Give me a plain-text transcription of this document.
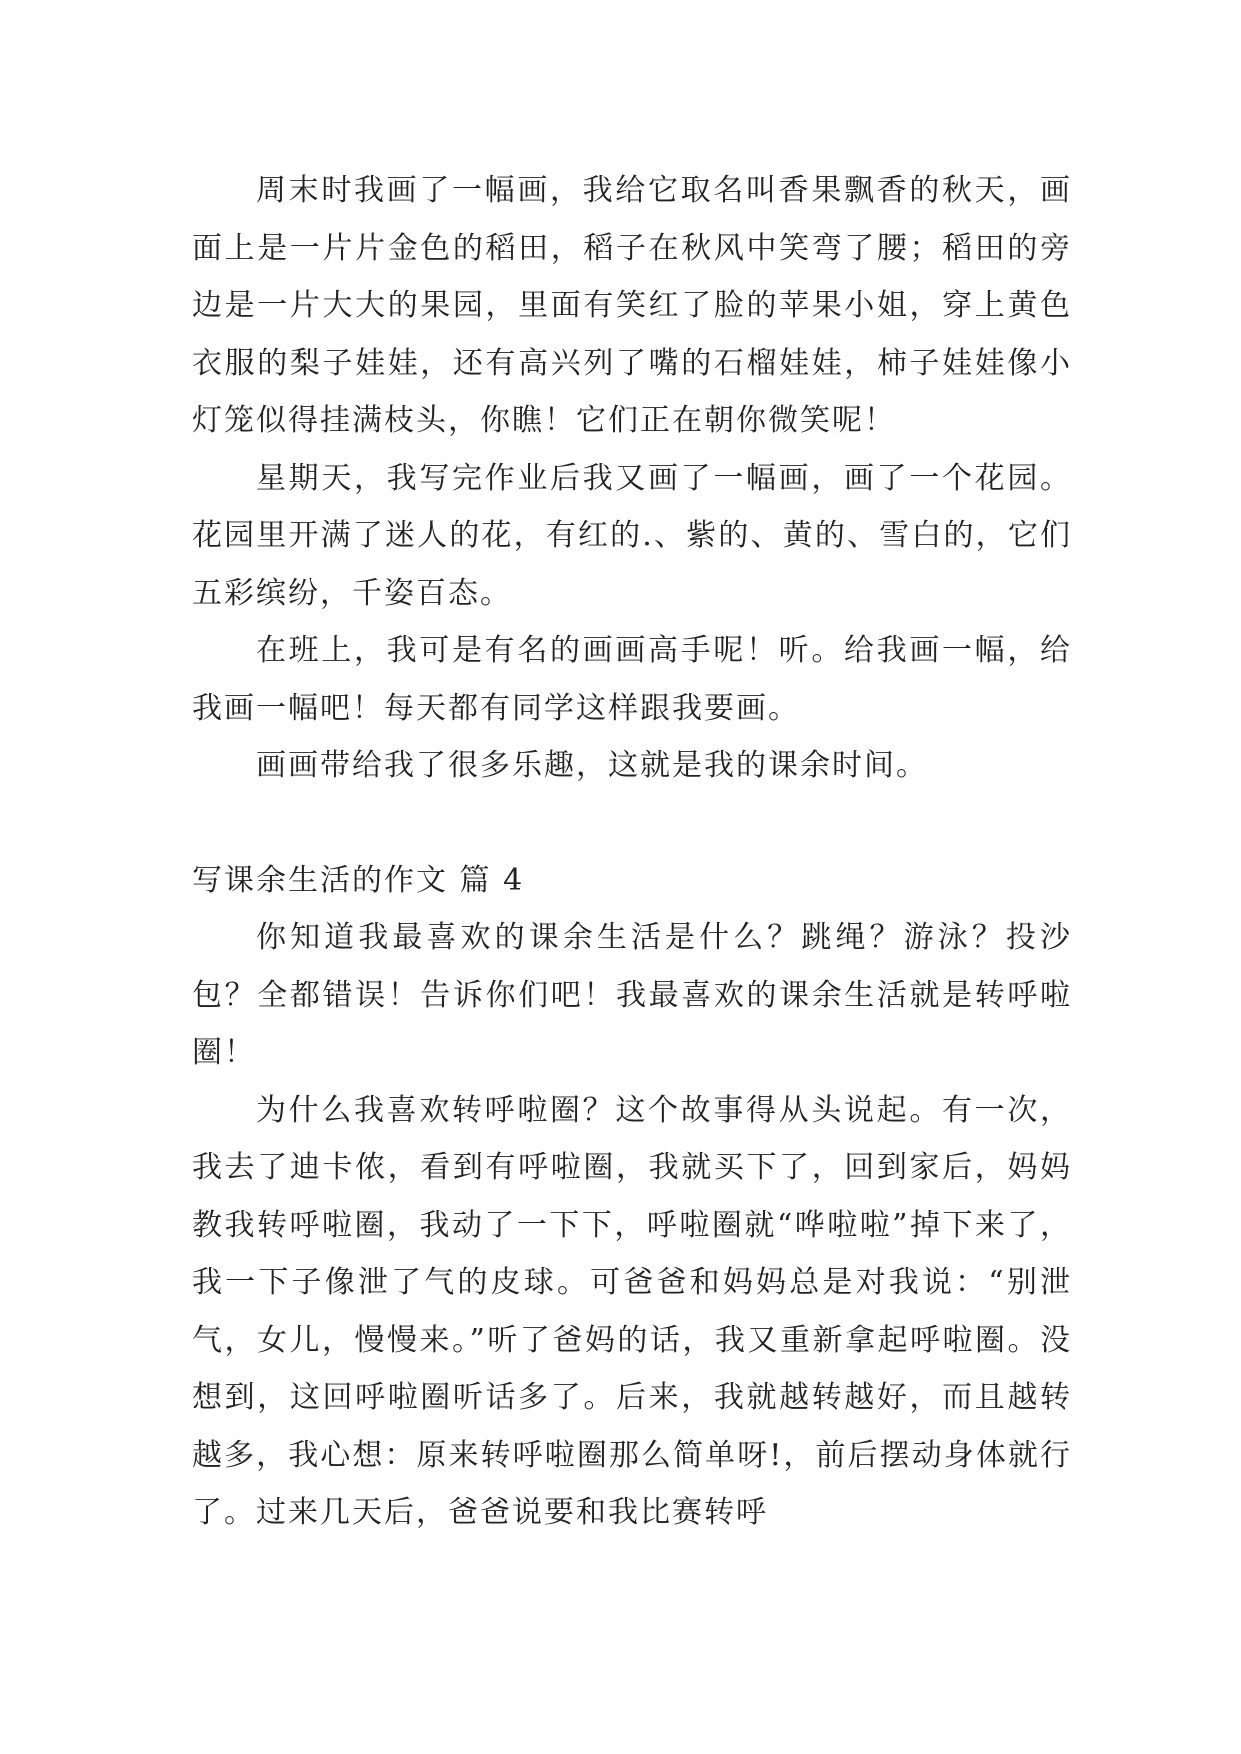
周末时我画了一幅画，我给它取名叫香果飘香的秋天，画面上是一片片金色的稻田，稻子在秋风中笑弯了腰；稻田的旁边是一片大大的果园，里面有笑红了脸的苹果小姐，穿上黄色衣服的梨子娃娃，还有高兴列了嘴的石榴娃娃，柿子娃娃像小灯笼似得挂满枝头，你瞧！它们正在朝你微笑呢！

星期天，我写完作业后我又画了一幅画，画了一个花园。花园里开满了迷人的花，有红的.、紫的、黄的、雪白的，它们五彩缤纷，千姿百态。

在班上，我可是有名的画画高手呢！听。给我画一幅，给我画一幅吧！每天都有同学这样跟我要画。

画画带给我了很多乐趣，这就是我的课余时间。

写课余生活的作文 篇 4

你知道我最喜欢的课余生活是什么？跳绳？游泳？投沙包？全都错误！告诉你们吧！我最喜欢的课余生活就是转呼啦圈！

为什么我喜欢转呼啦圈？这个故事得从头说起。有一次，我去了迪卡侬，看到有呼啦圈，我就买下了，回到家后，妈妈教我转呼啦圈，我动了一下下，呼啦圈就“哗啦啦”掉下来了，我一下子像泄了气的皮球。可爸爸和妈妈总是对我说：“别泄气，女儿，慢慢来。”听了爸妈的话，我又重新拿起呼啦圈。没想到，这回呼啦圈听话多了。后来，我就越转越好，而且越转越多，我心想：原来转呼啦圈那么简单呀!，前后摆动身体就行了。过来几天后，爸爸说要和我比赛转呼
